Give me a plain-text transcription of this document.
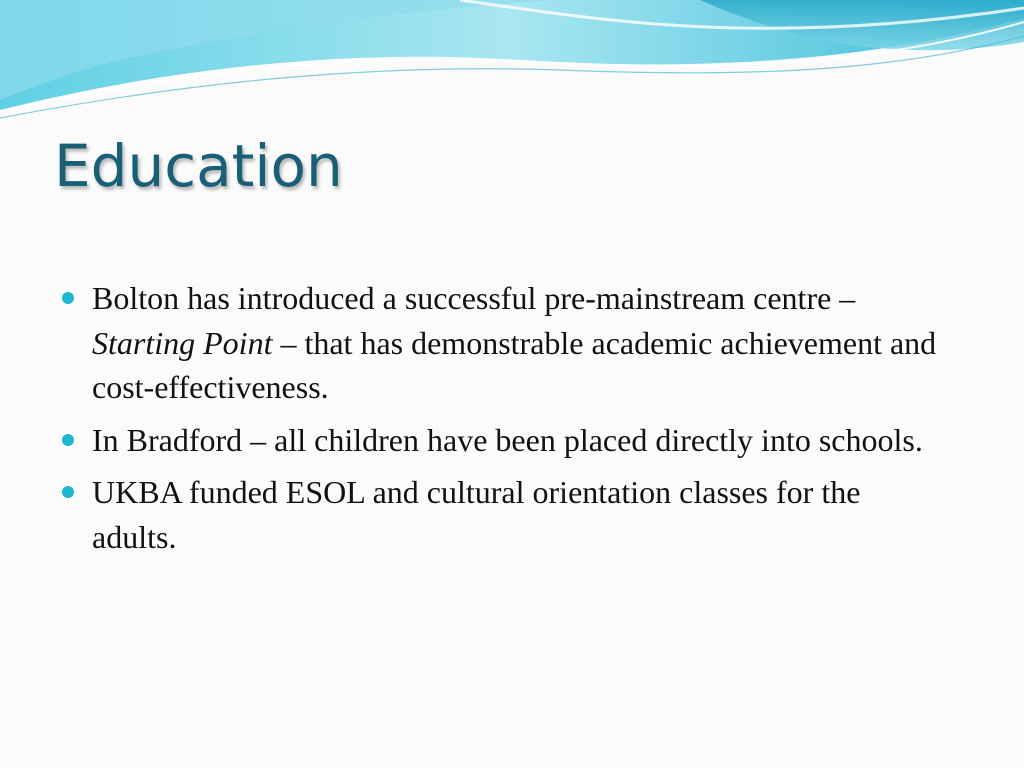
Education
Bolton has introduced a successful pre-mainstream centre – Starting Point – that has demonstrable academic achievement and cost-effectiveness.
In Bradford – all children have been placed directly into schools.
UKBA funded ESOL and cultural orientation classes for the adults.
